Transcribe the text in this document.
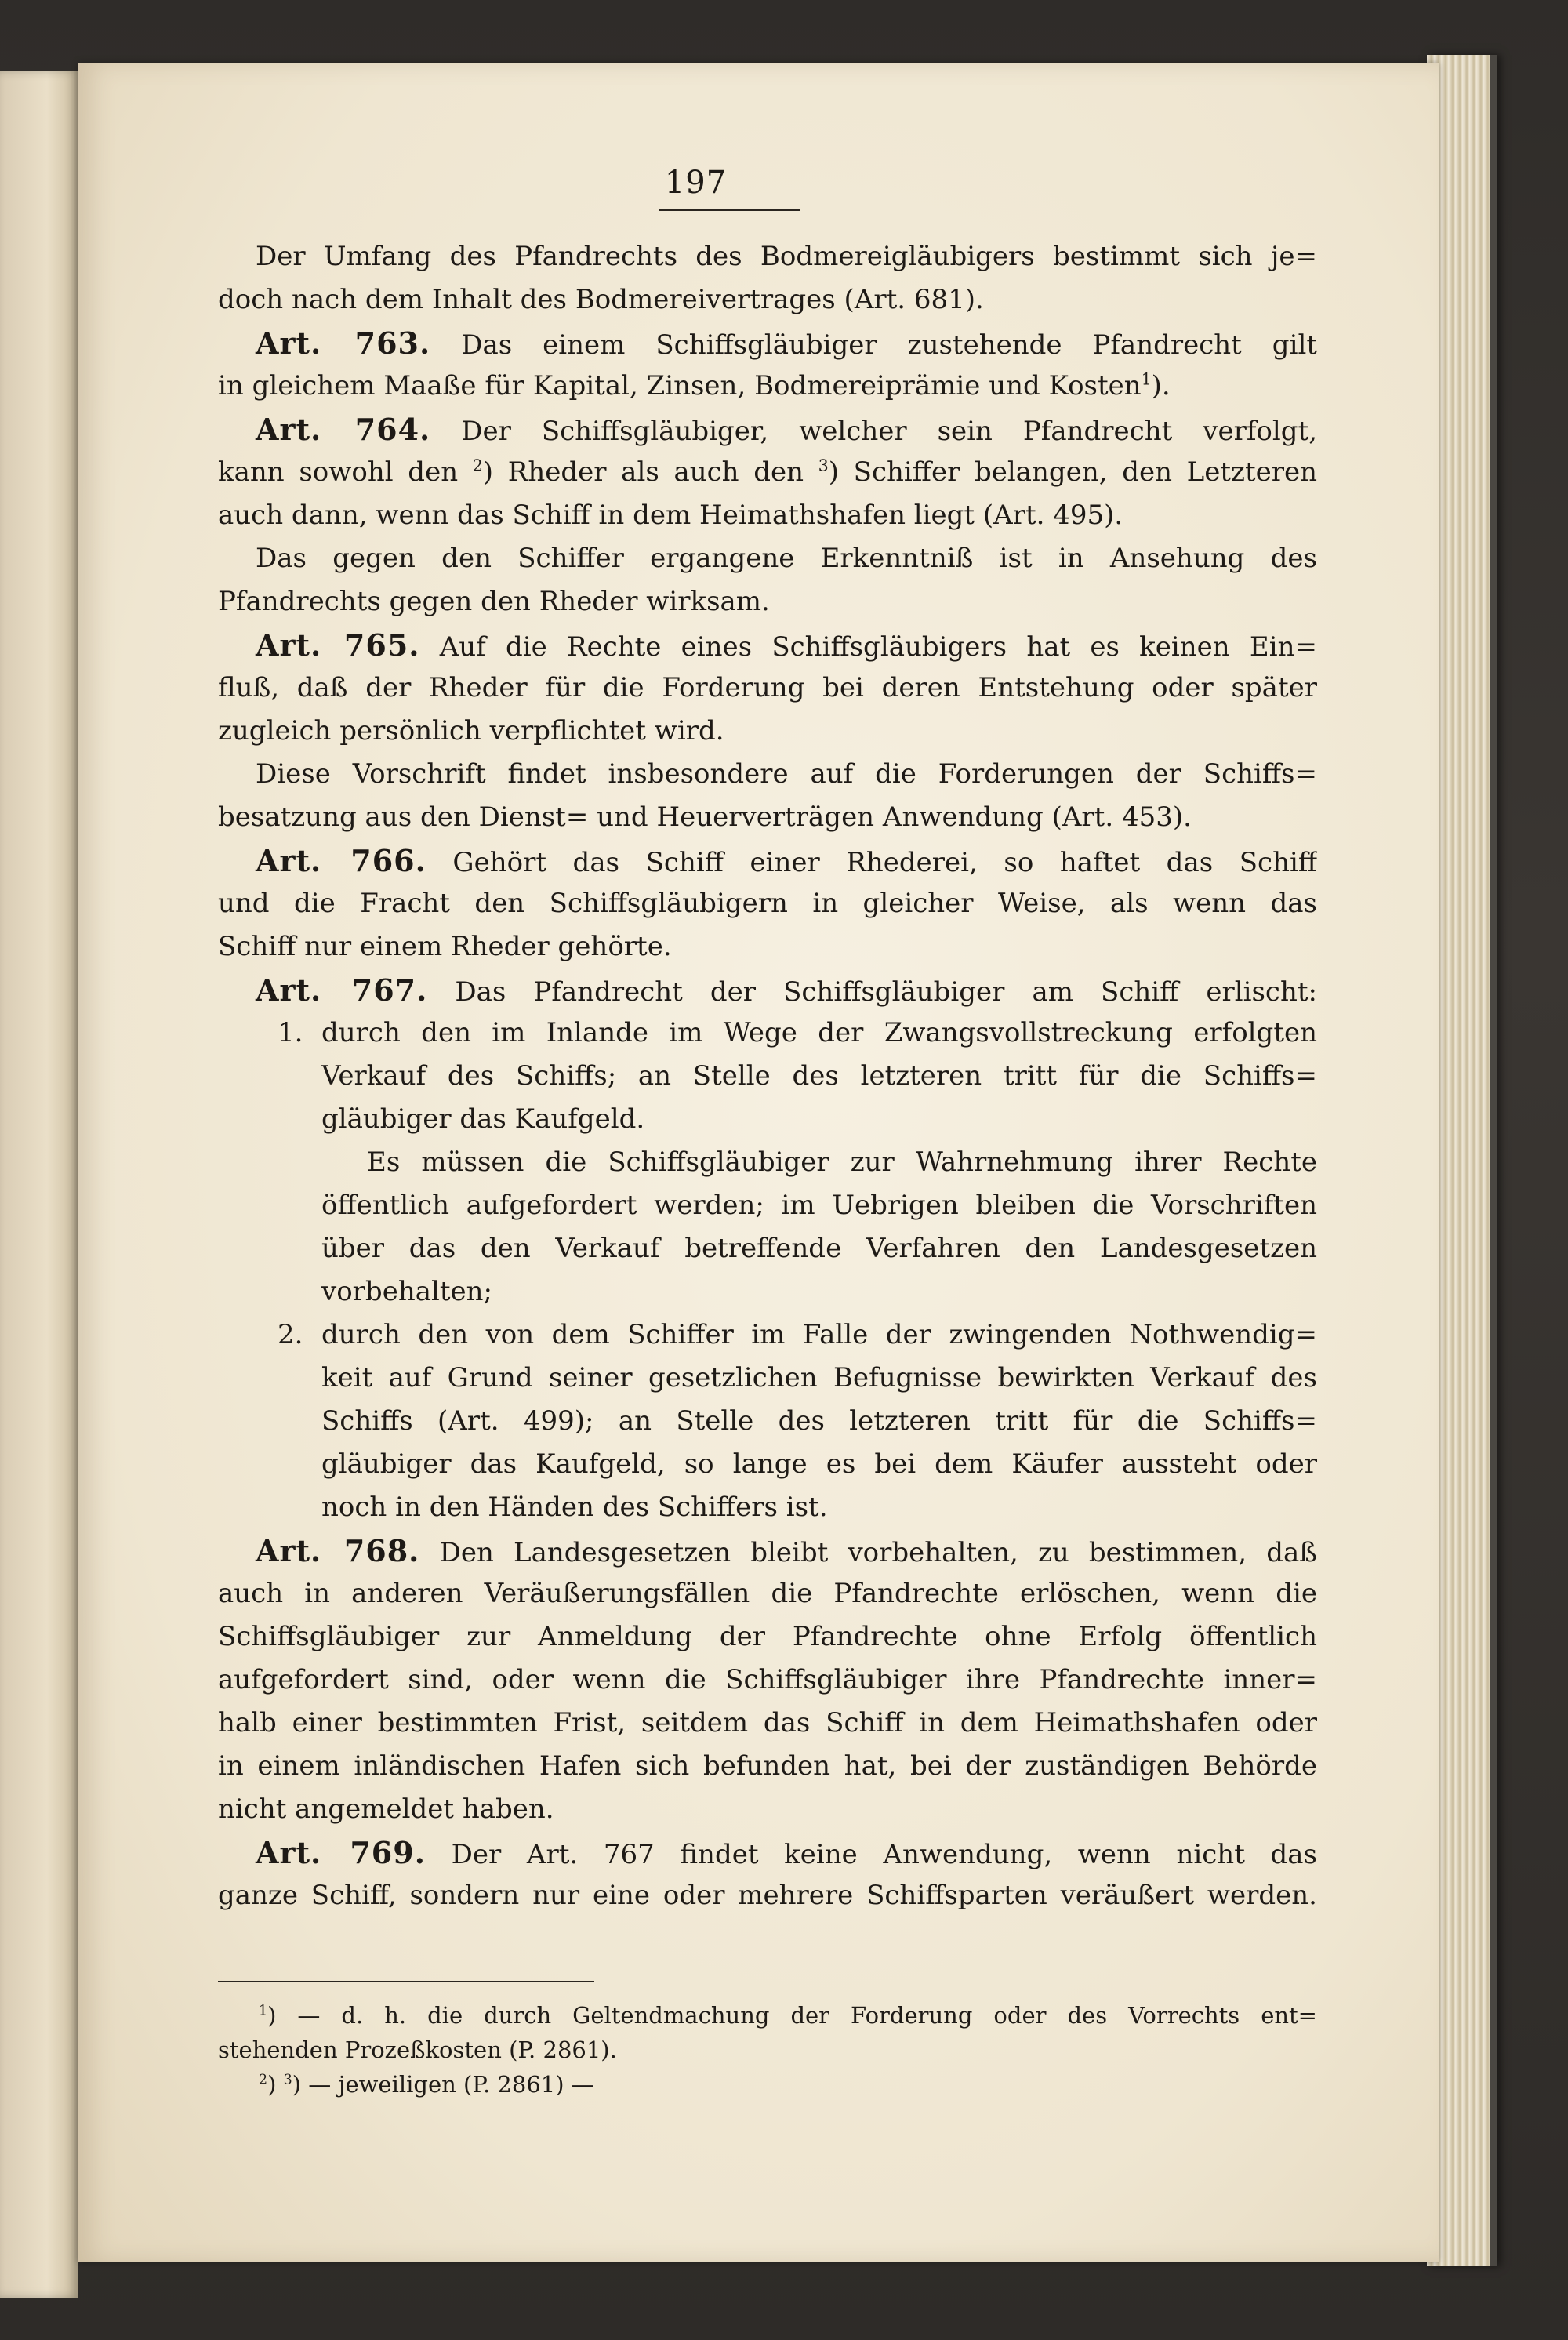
197
Der Umfang des Pfandrechts des Bodmereigläubigers bestimmt sich je=
doch nach dem Inhalt des Bodmereivertrages (Art. 681).
Art. 763. Das einem Schiffsgläubiger zustehende Pfandrecht gilt
in gleichem Maaße für Kapital, Zinsen, Bodmereiprämie und Kosten$^1$).
Art. 764. Der Schiffsgläubiger, welcher sein Pfandrecht verfolgt,
kann sowohl den $^2$) Rheder als auch den $^3$) Schiffer belangen, den Letzteren
auch dann, wenn das Schiff in dem Heimathshafen liegt (Art. 495).
Das gegen den Schiffer ergangene Erkenntniß ist in Ansehung des
Pfandrechts gegen den Rheder wirksam.
Art. 765. Auf die Rechte eines Schiffsgläubigers hat es keinen Ein=
fluß, daß der Rheder für die Forderung bei deren Entstehung oder später
zugleich persönlich verpflichtet wird.
Diese Vorschrift findet insbesondere auf die Forderungen der Schiffs=
besatzung aus den Dienst= und Heuerverträgen Anwendung (Art. 453).
Art. 766. Gehört das Schiff einer Rhederei, so haftet das Schiff
und die Fracht den Schiffsgläubigern in gleicher Weise, als wenn das
Schiff nur einem Rheder gehörte.
Art. 767. Das Pfandrecht der Schiffsgläubiger am Schiff erlischt:
1. durch den im Inlande im Wege der Zwangsvollstreckung erfolgten
Verkauf des Schiffs; an Stelle des letzteren tritt für die Schiffs=
gläubiger das Kaufgeld.
Es müssen die Schiffsgläubiger zur Wahrnehmung ihrer Rechte
öffentlich aufgefordert werden; im Uebrigen bleiben die Vorschriften
über das den Verkauf betreffende Verfahren den Landesgesetzen
vorbehalten;
2. durch den von dem Schiffer im Falle der zwingenden Nothwendig=
keit auf Grund seiner gesetzlichen Befugnisse bewirkten Verkauf des
Schiffs (Art. 499); an Stelle des letzteren tritt für die Schiffs=
gläubiger das Kaufgeld, so lange es bei dem Käufer aussteht oder
noch in den Händen des Schiffers ist.
Art. 768. Den Landesgesetzen bleibt vorbehalten, zu bestimmen, daß
auch in anderen Veräußerungsfällen die Pfandrechte erlöschen, wenn die
Schiffsgläubiger zur Anmeldung der Pfandrechte ohne Erfolg öffentlich
aufgefordert sind, oder wenn die Schiffsgläubiger ihre Pfandrechte inner=
halb einer bestimmten Frist, seitdem das Schiff in dem Heimathshafen oder
in einem inländischen Hafen sich befunden hat, bei der zuständigen Behörde
nicht angemeldet haben.
Art. 769. Der Art. 767 findet keine Anwendung, wenn nicht das
ganze Schiff, sondern nur eine oder mehrere Schiffsparten veräußert werden.
$^1$) — d. h. die durch Geltendmachung der Forderung oder des Vorrechts ent=
stehenden Prozeßkosten (P. 2861).
$^2$) $^3$) — jeweiligen (P. 2861) —
